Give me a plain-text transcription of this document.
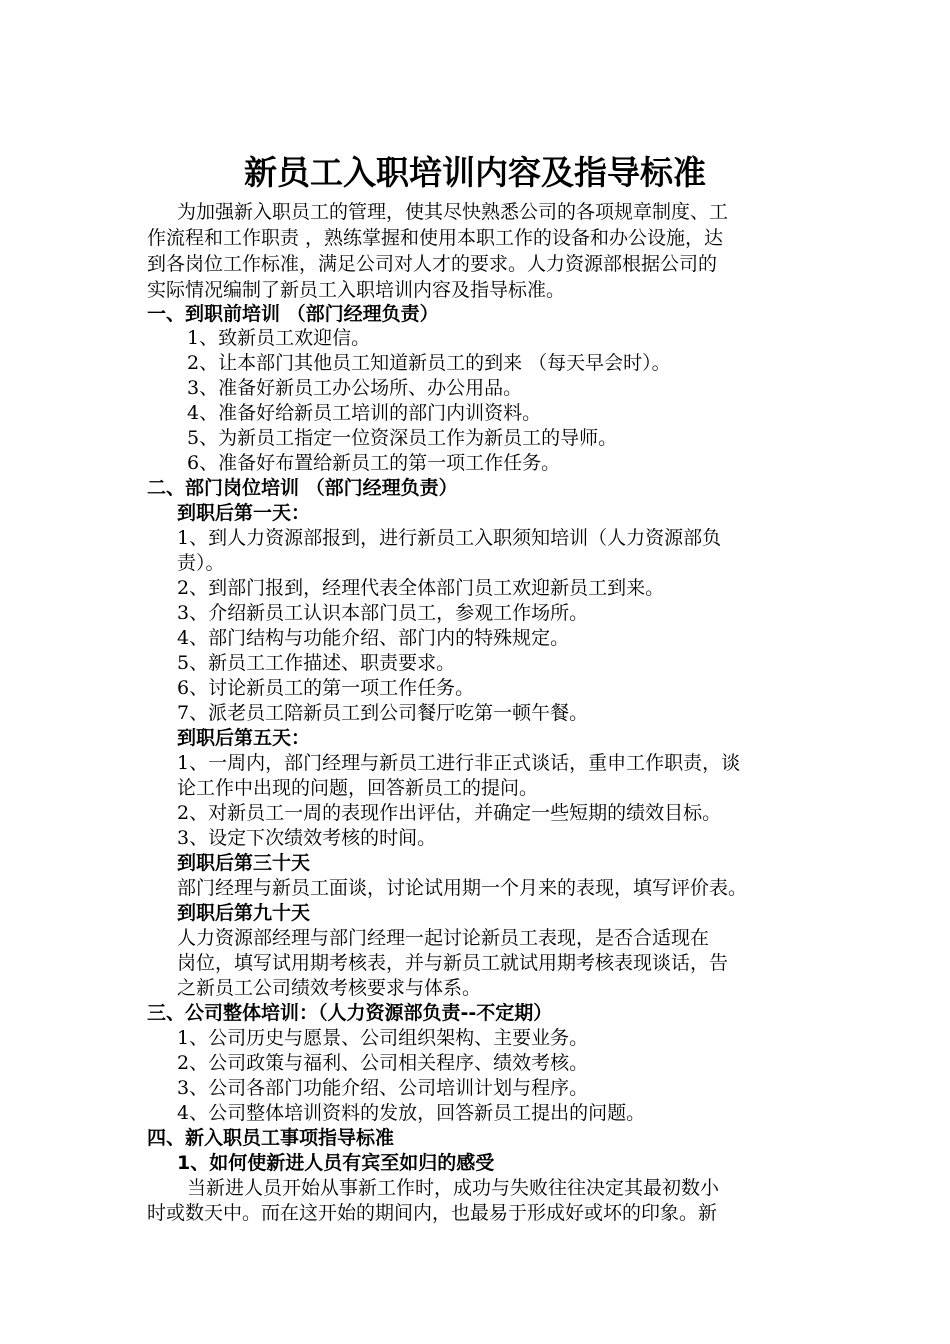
新员工入职培训内容及指导标准
为加强新入职员工的管理，使其尽快熟悉公司的各项规章制度、工
作流程和工作职责 ，熟练掌握和使用本职工作的设备和办公设施，达
到各岗位工作标准，满足公司对人才的要求。人力资源部根据公司的
实际情况编制了新员工入职培训内容及指导标准。
一、到职前培训 （部门经理负责）
1、致新员工欢迎信。
2、让本部门其他员工知道新员工的到来 （每天早会时）。
3、准备好新员工办公场所、办公用品。
4、准备好给新员工培训的部门内训资料。
5、为新员工指定一位资深员工作为新员工的导师。
6、准备好布置给新员工的第一项工作任务。
二、部门岗位培训 （部门经理负责）
到职后第一天：
1、到人力资源部报到，进行新员工入职须知培训（人力资源部负
责）。
2、到部门报到，经理代表全体部门员工欢迎新员工到来。
3、介绍新员工认识本部门员工，参观工作场所。
4、部门结构与功能介绍、部门内的特殊规定。
5、新员工工作描述、职责要求。
6、讨论新员工的第一项工作任务。
7、派老员工陪新员工到公司餐厅吃第一顿午餐。
到职后第五天：
1、一周内，部门经理与新员工进行非正式谈话，重申工作职责，谈
论工作中出现的问题，回答新员工的提问。
2、对新员工一周的表现作出评估，并确定一些短期的绩效目标。
3、设定下次绩效考核的时间。
到职后第三十天
部门经理与新员工面谈，讨论试用期一个月来的表现，填写评价表。
到职后第九十天
人力资源部经理与部门经理一起讨论新员工表现，是否合适现在
岗位，填写试用期考核表，并与新员工就试用期考核表现谈话，告
之新员工公司绩效考核要求与体系。
三、公司整体培训：（人力资源部负责--不定期）
1、公司历史与愿景、公司组织架构、主要业务。
2、公司政策与福利、公司相关程序、绩效考核。
3、公司各部门功能介绍、公司培训计划与程序。
4、公司整体培训资料的发放，回答新员工提出的问题。
四、新入职员工事项指导标准
1、如何使新进人员有宾至如归的感受
当新进人员开始从事新工作时，成功与失败往往决定其最初数小
时或数天中。而在这开始的期间内，也最易于形成好或坏的印象。新
